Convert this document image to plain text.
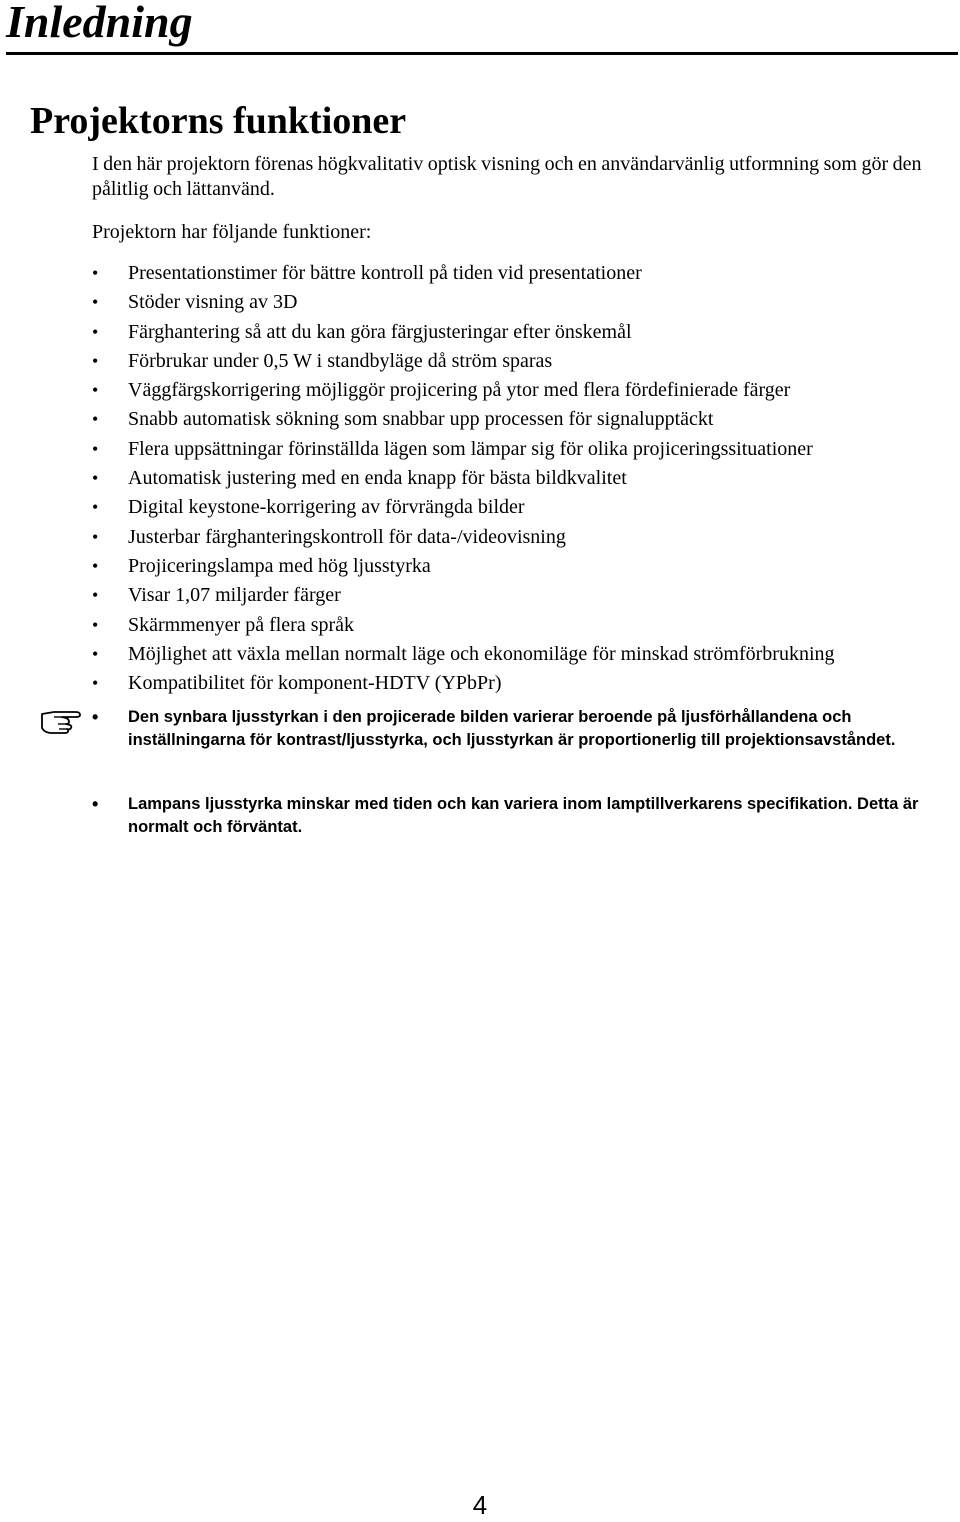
Inledning
Projektorns funktioner

I den här projektorn förenas högkvalitativ optisk visning och en användarvänlig utformning som gör den pålitlig och lättanvänd.

Projektorn har följande funktioner:

• Presentationstimer för bättre kontroll på tiden vid presentationer
• Stöder visning av 3D
• Färghantering så att du kan göra färgjusteringar efter önskemål
• Förbrukar under 0,5 W i standbyläge då ström sparas
• Väggfärgskorrigering möjliggör projicering på ytor med flera fördefinierade färger
• Snabb automatisk sökning som snabbar upp processen för signalupptäckt
• Flera uppsättningar förinställda lägen som lämpar sig för olika projiceringssituationer
• Automatisk justering med en enda knapp för bästa bildkvalitet
• Digital keystone-korrigering av förvrängda bilder
• Justerbar färghanteringskontroll för data-/videovisning
• Projiceringslampa med hög ljusstyrka
• Visar 1,07 miljarder färger
• Skärmmenyer på flera språk
• Möjlighet att växla mellan normalt läge och ekonomiläge för minskad strömförbrukning
• Kompatibilitet för komponent-HDTV (YPbPr)

• Den synbara ljusstyrkan i den projicerade bilden varierar beroende på ljusförhållandena och inställningarna för kontrast/ljusstyrka, och ljusstyrkan är proportionerlig till projektionsavståndet.

• Lampans ljusstyrka minskar med tiden och kan variera inom lamptillverkarens specifikation. Detta är normalt och förväntat.

4
